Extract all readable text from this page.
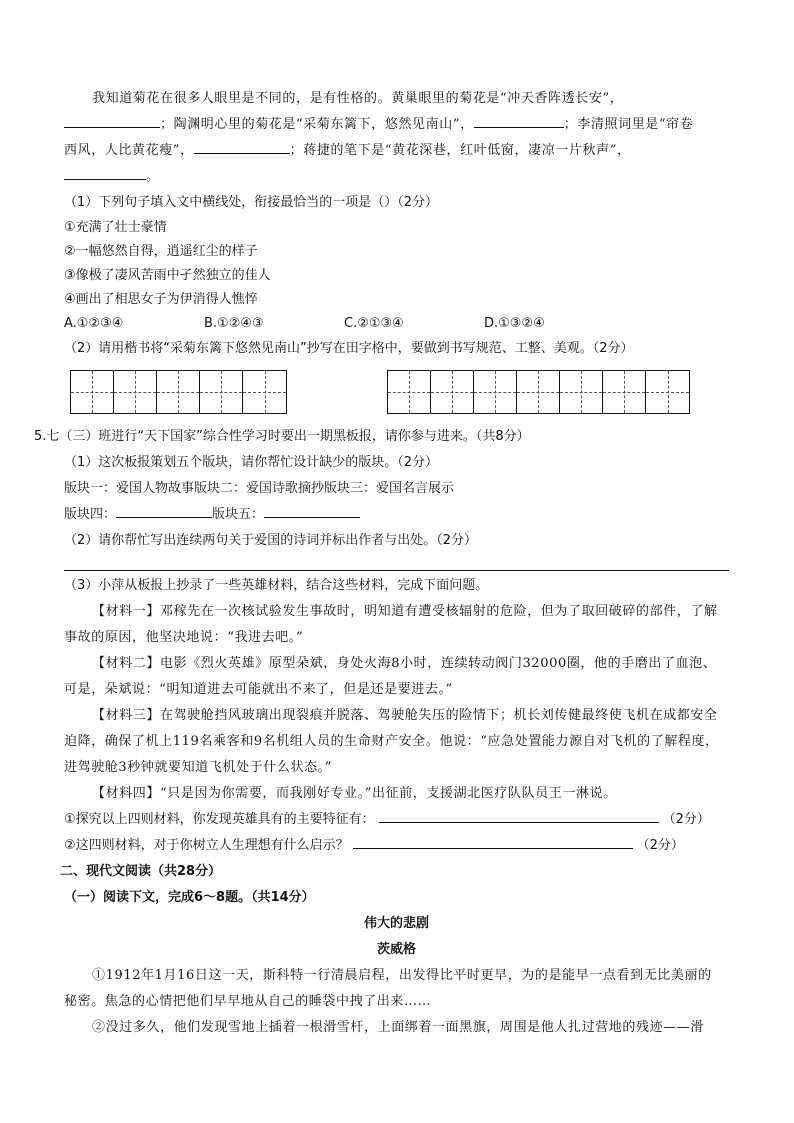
我知道菊花在很多人眼里是不同的，是有性格的。黄巢眼里的菊花是“冲天香阵透长安”，

；陶渊明心里的菊花是“采菊东篱下，悠然见南山”，	；李清照词里是“帘卷

西风，人比黄花瘦”，	；蒋捷的笔下是“黄花深巷，红叶低窗，凄凉一片秋声”，

。

（1）下列句子填入文中横线处，衔接最恰当的一项是（）（2分）

①充满了壮士豪情

②一幅悠然自得，逍遥红尘的样子

③像极了凄风苦雨中孑然独立的佳人

④画出了相思女子为伊消得人憔悴

A.①②③④	B.①②④③	C.②①③④	D.①③②④

（2）请用楷书将“采菊东篱下悠然见南山”抄写在田字格中，要做到书写规范、工整、美观。（2分）

5.七（三）班进行“天下国家”综合性学习时要出一期黑板报，请你参与进来。（共8分）

（1）这次板报策划五个版块，请你帮忙设计缺少的版块。（2分）

版块一：爱国人物故事版块二：爱国诗歌摘抄版块三：爱国名言展示

版块四：	版块五：

（2）请你帮忙写出连续两句关于爱国的诗词并标出作者与出处。（2分）

（3）小萍从板报上抄录了一些英雄材料，结合这些材料，完成下面问题。

【材料一】邓稼先在一次核试验发生事故时，明知道有遭受核辐射的危险，但为了取回破碎的部件，了解

事故的原因，他坚决地说：“我进去吧。”

【材料二】电影《烈火英雄》原型朵斌，身处火海8小时，连续转动阀门32000圈，他的手磨出了血泡、

可是，朵斌说：“明知道进去可能就出不来了，但是还是要进去。”

【材料三】在驾驶舱挡风玻璃出现裂痕并脱落、驾驶舱失压的险情下；机长刘传健最终使飞机在成都安全

迫降，确保了机上119名乘客和9名机组人员的生命财产安全。他说：“应急处置能力源自对飞机的了解程度，

进驾驶舱3秒钟就要知道飞机处于什么状态。”

【材料四】“只是因为你需要，而我刚好专业。”出征前，支援湖北医疗队队员王一淋说。

①探究以上四则材料，你发现英雄具有的主要特征有：	（2分）
②这四则材料，对于你树立人生理想有什么启示？	（2分）

二、现代文阅读（共28分）

（一）阅读下文，完成6～8题。（共14分）

伟大的悲剧

茨威格

①1912年1月16日这一天，斯科特一行清晨启程，出发得比平时更早，为的是能早一点看到无比美丽的

秘密。焦急的心情把他们早早地从自己的睡袋中拽了出来……

②没过多久，他们发现雪地上插着一根滑雪杆，上面绑着一面黑旗，周围是他人扎过营地的残迹——滑
